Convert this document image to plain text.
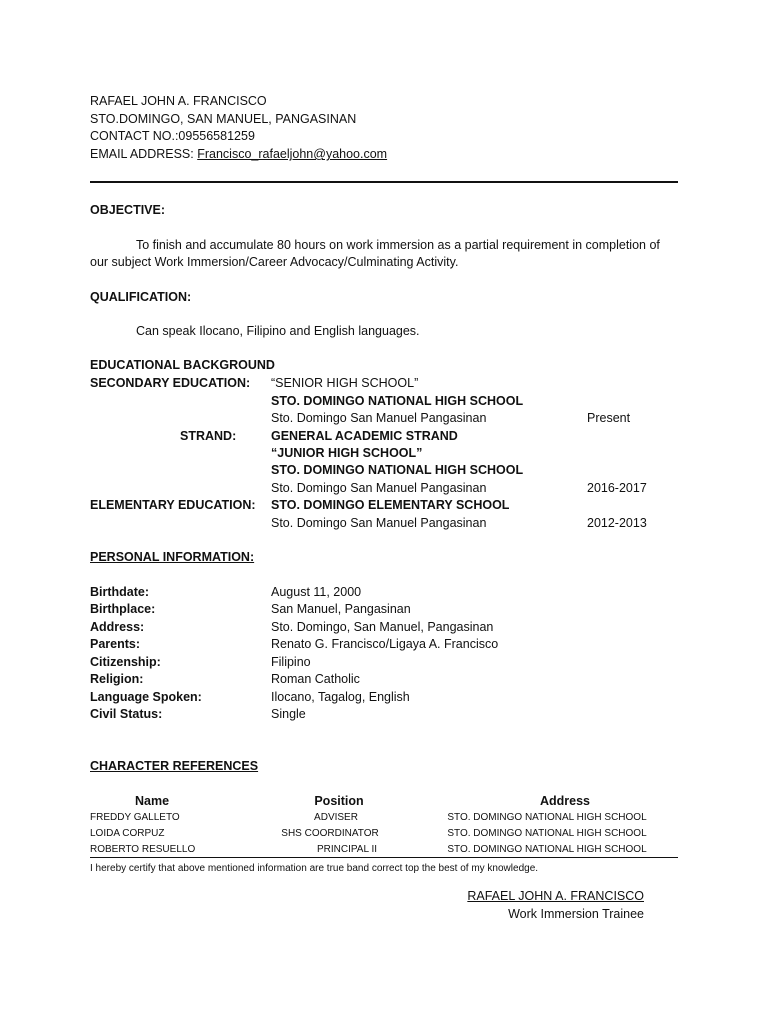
RAFAEL JOHN A. FRANCISCO
STO.DOMINGO, SAN MANUEL, PANGASINAN
CONTACT NO.:09556581259
EMAIL ADDRESS: Francisco_rafaeljohn@yahoo.com
OBJECTIVE:
To finish and accumulate 80 hours on work immersion as a partial requirement in completion of
our subject Work Immersion/Career Advocacy/Culminating Activity.
QUALIFICATION:
Can speak Ilocano, Filipino and English languages.
EDUCATIONAL BACKGROUND
SECONDARY EDUCATION: “SENIOR HIGH SCHOOL”
STO. DOMINGO NATIONAL HIGH SCHOOL
Sto. Domingo San Manuel Pangasinan	Present
STRAND:	GENERAL ACADEMIC STRAND
“JUNIOR HIGH SCHOOL”
STO. DOMINGO NATIONAL HIGH SCHOOL
Sto. Domingo San Manuel Pangasinan	2016-2017
ELEMENTARY EDUCATION: STO. DOMINGO ELEMENTARY SCHOOL
Sto. Domingo San Manuel Pangasinan	2012-2013
PERSONAL INFORMATION:
Birthdate:	August 11, 2000
Birthplace:	San Manuel, Pangasinan
Address:	Sto. Domingo, San Manuel, Pangasinan
Parents:	Renato G. Francisco/Ligaya A. Francisco
Citizenship:	Filipino
Religion:	Roman Catholic
Language Spoken:	Ilocano, Tagalog, English
Civil Status:	Single
CHARACTER REFERENCES
Name	Position	Address
FREDDY GALLETO	ADVISER	STO. DOMINGO NATIONAL HIGH SCHOOL
LOIDA CORPUZ	SHS COORDINATOR	STO. DOMINGO NATIONAL HIGH SCHOOL
ROBERTO RESUELLO	PRINCIPAL II	STO. DOMINGO NATIONAL HIGH SCHOOL
I hereby certify that above mentioned information are true band correct top the best of my knowledge.
RAFAEL JOHN A. FRANCISCO
Work Immersion Trainee
